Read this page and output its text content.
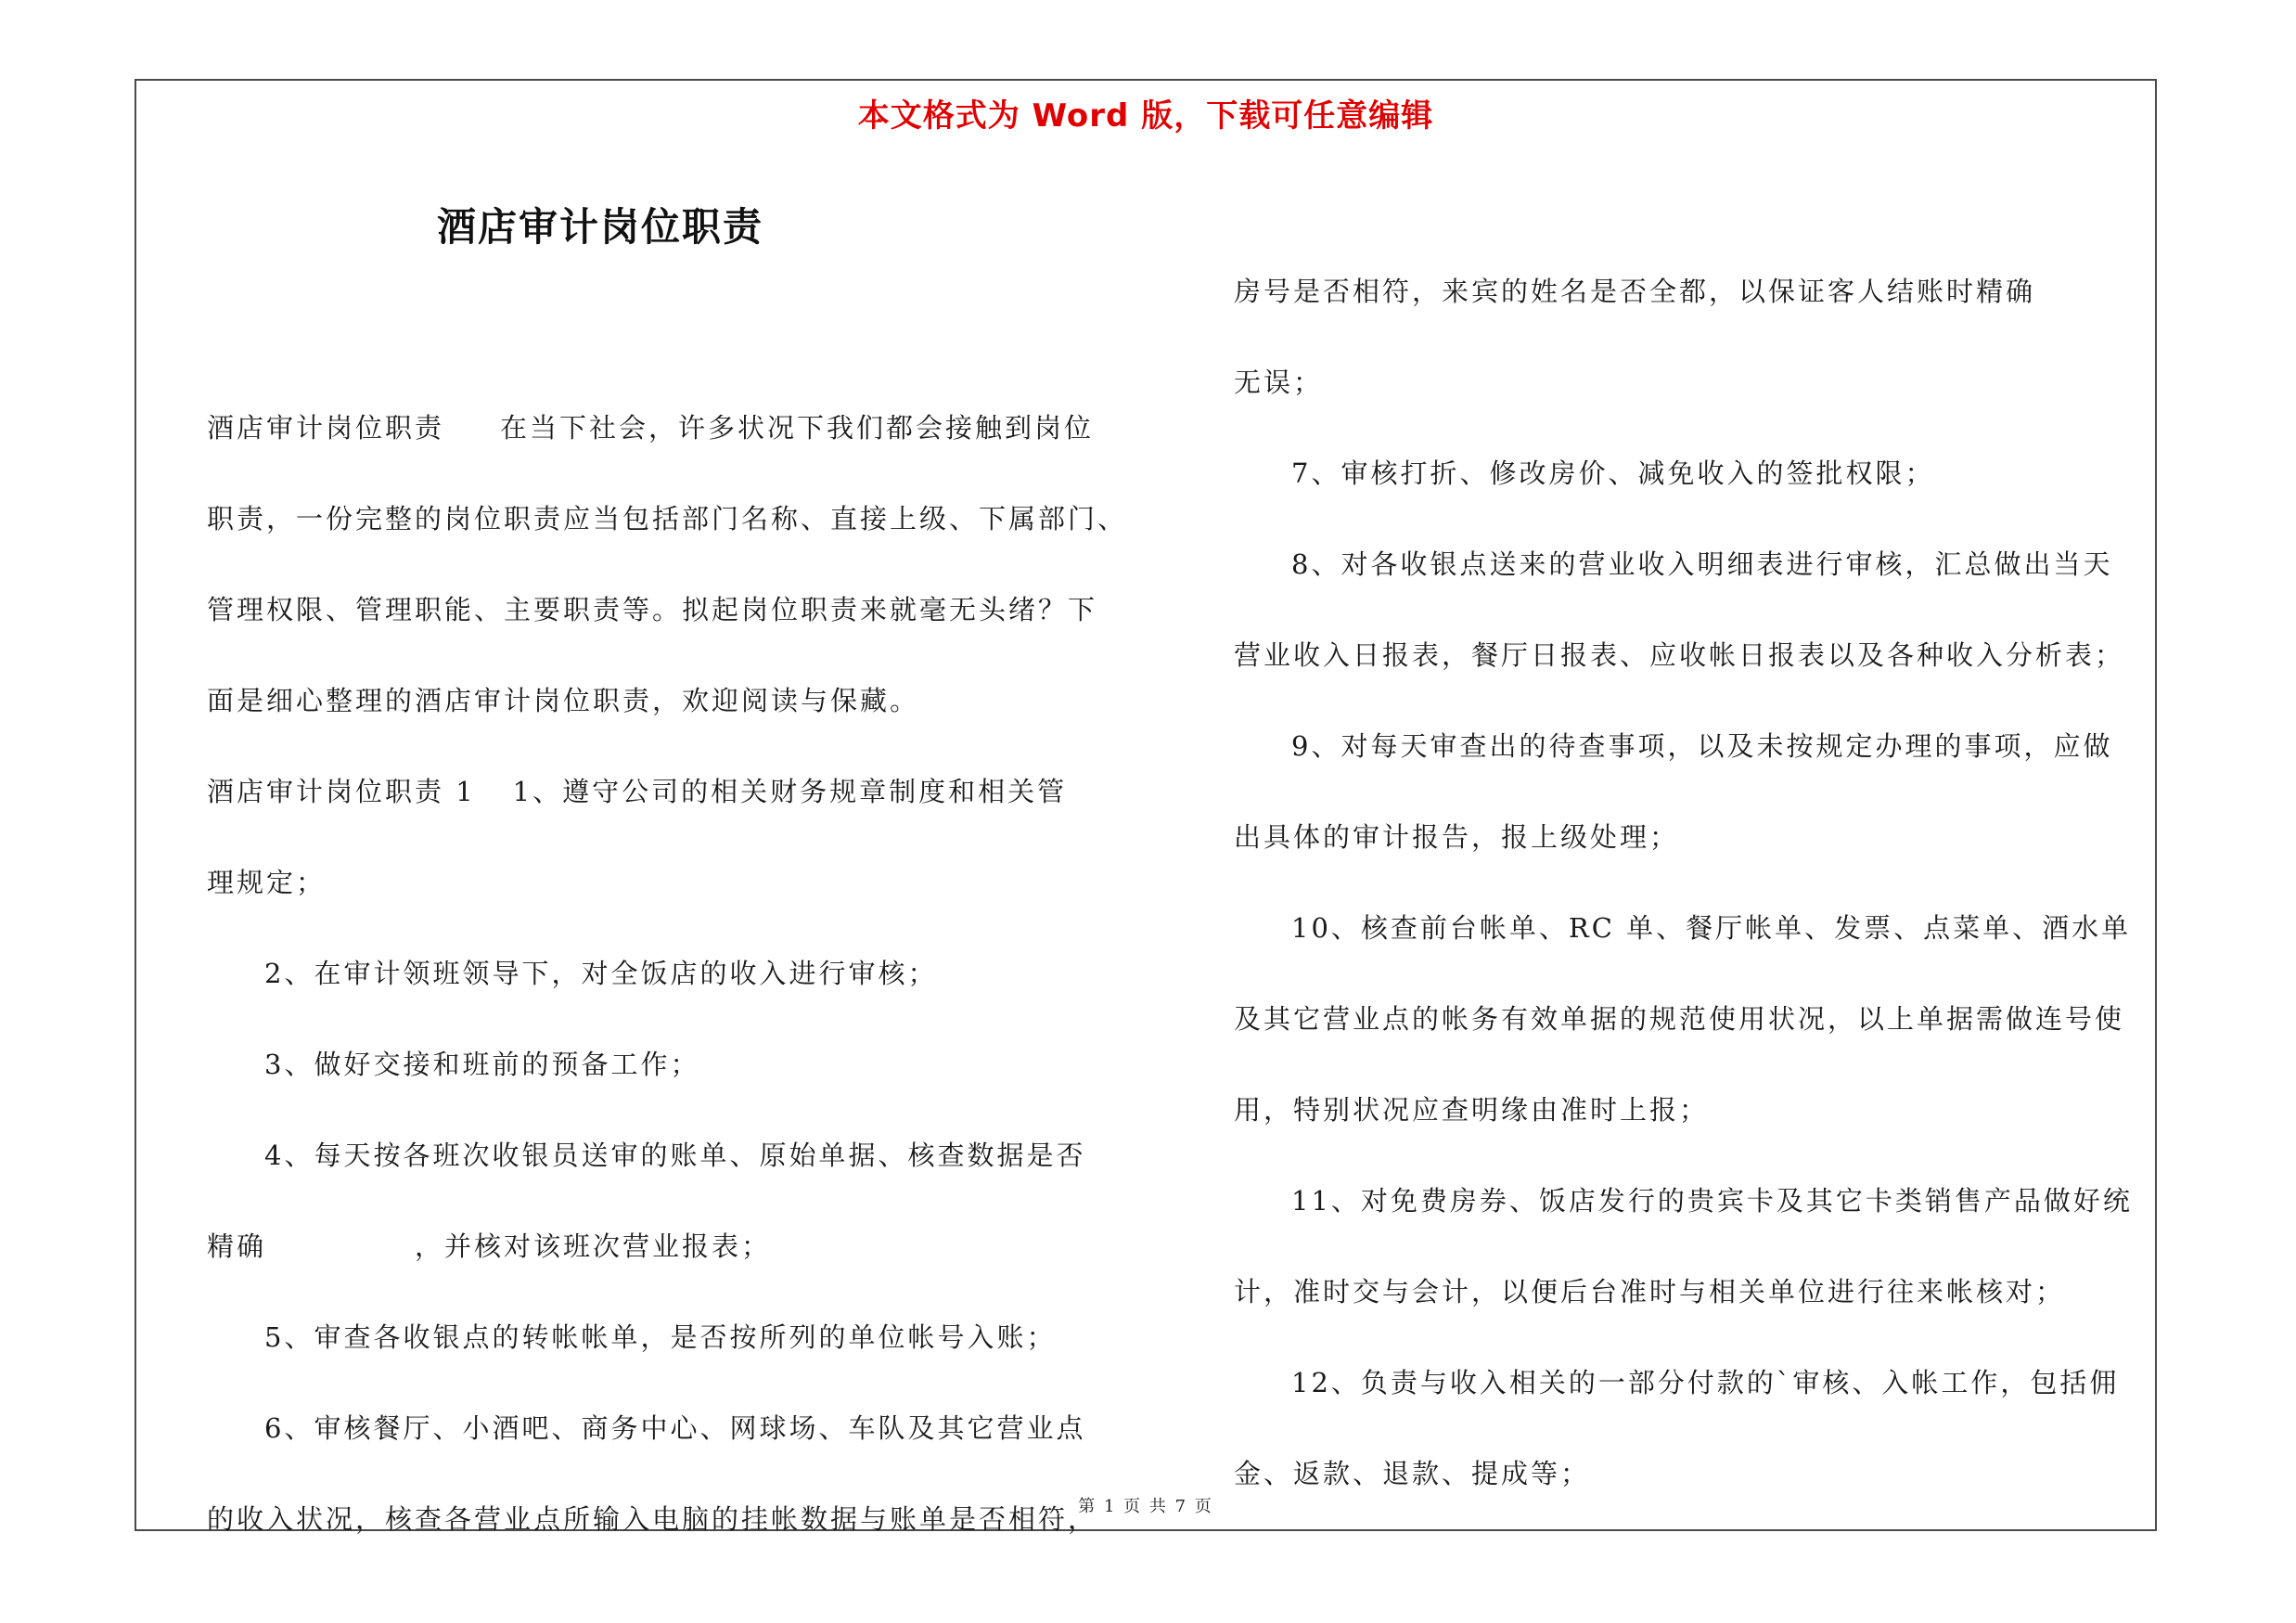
本文格式为 Word 版，下载可任意编辑
酒店审计岗位职责

酒店审计岗位职责 在当下社会，许多状况下我们都会接触到岗位

职责，一份完整的岗位职责应当包括部门名称、直接上级、下属部门、

管理权限、管理职能、主要职责等。拟起岗位职责来就毫无头绪？下

面是细心整理的酒店审计岗位职责，欢迎阅读与保藏。

酒店审计岗位职责 1 1、遵守公司的相关财务规章制度和相关管

理规定；

2、在审计领班领导下，对全饭店的收入进行审核；

3、做好交接和班前的预备工作；

4、每天按各班次收银员送审的账单、原始单据、核查数据是否

精确	，并核对该班次营业报表；

5、审查各收银点的转帐帐单，是否按所列的单位帐号入账；

6、审核餐厅、小酒吧、商务中心、网球场、车队及其它营业点

的收入状况，核查各营业点所输入电脑的挂帐数据与账单是否相符，

房号是否相符，来宾的姓名是否全都，以保证客人结账时精确

无误；

7、审核打折、修改房价、减免收入的签批权限；

8、对各收银点送来的营业收入明细表进行审核，汇总做出当天

营业收入日报表，餐厅日报表、应收帐日报表以及各种收入分析表；

9、对每天审查出的待查事项，以及未按规定办理的事项，应做

出具体的审计报告，报上级处理；

10、核查前台帐单、RC 单、餐厅帐单、发票、点菜单、酒水单

及其它营业点的帐务有效单据的规范使用状况，以上单据需做连号使

用，特别状况应查明缘由准时上报；

11、对免费房券、饭店发行的贵宾卡及其它卡类销售产品做好统

计，准时交与会计，以便后台准时与相关单位进行往来帐核对；

12、负责与收入相关的一部分付款的`审核、入帐工作，包括佣

金、返款、退款、提成等；

第 1 页 共 7 页
